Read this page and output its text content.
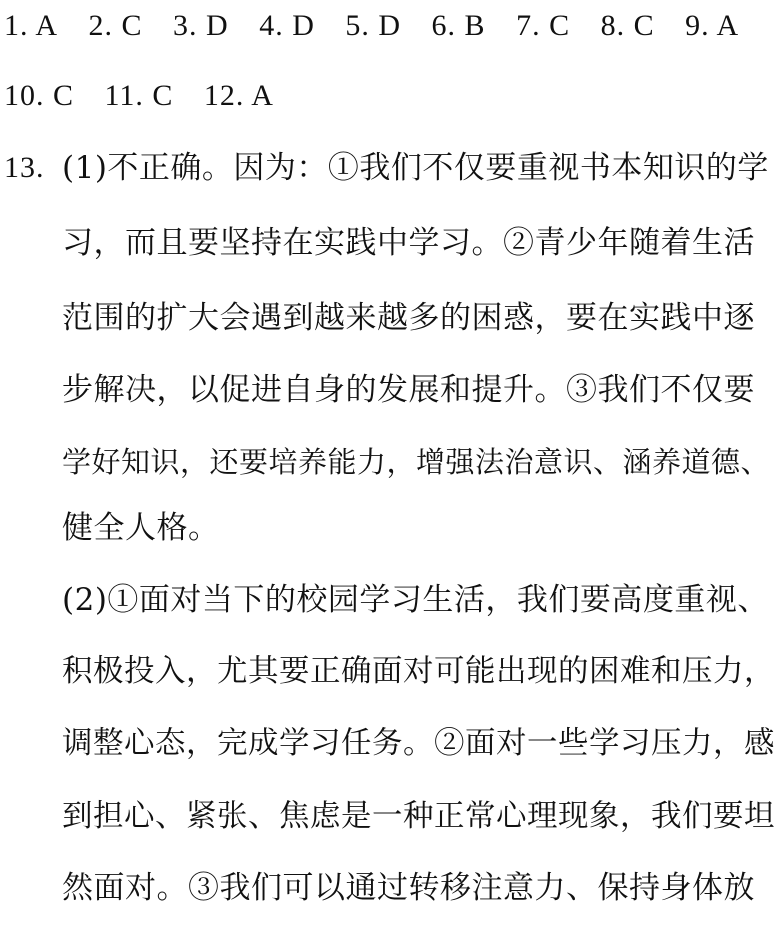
1. A 2. C 3. D 4. D 5. D 6. B 7. C 8. C 9. A
10. C 11. C 12. A
13. (1)不正确。因为：①我们不仅要重视书本知识的学
习，而且要坚持在实践中学习。②青少年随着生活
范围的扩大会遇到越来越多的困惑，要在实践中逐
步解决，以促进自身的发展和提升。③我们不仅要
学好知识，还要培养能力，增强法治意识、涵养道德、
健全人格。
(2)①面对当下的校园学习生活，我们要高度重视、
积极投入，尤其要正确面对可能出现的困难和压力，
调整心态，完成学习任务。②面对一些学习压力，感
到担心、紧张、焦虑是一种正常心理现象，我们要坦
然面对。③我们可以通过转移注意力、保持身体放
